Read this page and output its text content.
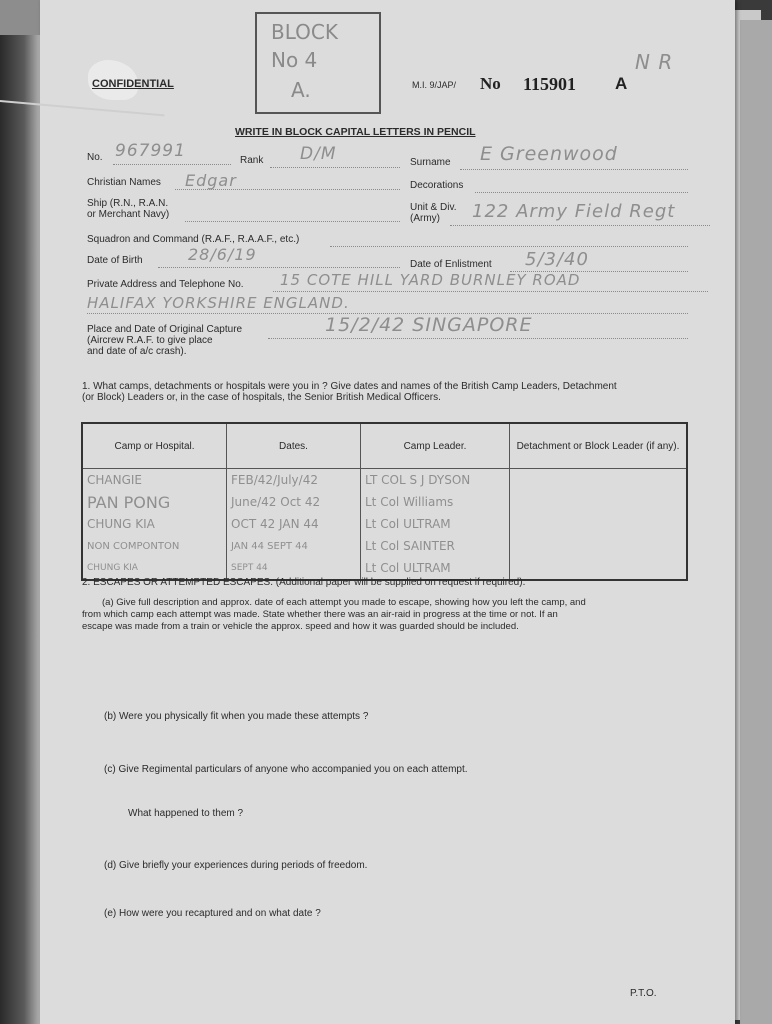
CONFIDENTIAL
BLOCK
No 4
A.	M.I. 9/JAP/ No 115901 A
N R
WRITE IN BLOCK CAPITAL LETTERS IN PENCIL
No. 967991	Rank D/M	Surname E Greenwood
Christian Names Edgar	Decorations
Ship (R.N., R.A.N.
or Merchant Navy)
Unit & Div.
(Army) 122 Army Field Regt
Squadron and Command (R.A.F., R.A.A.F., etc.)
Date of Birth	28/6/19
Date of Enlistment 5/3/40
Private Address and Telephone No. 15 COTE HILL YARD BURNLEY ROAD
HALIFAX YORKSHIRE ENGLAND.
Place and Date of Original Capture
(Aircrew R.A.F. to give place
and date of a/c crash).
15/2/42 SINGAPORE
1. What camps, detachments or hospitals were you in ? Give dates and names of the British Camp Leaders, Detachment
(or Block) Leaders or, in the case of hospitals, the Senior British Medical Officers.
Camp or Hospital.	Dates.	Camp Leader.	Detachment or Block Leader (if any).
CHANGIE	FEB/42/July/42	LT COL S J DYSON	
PAN PONG	June/42 Oct 42	Lt Col Williams	
CHUNG KIA	OCT 42 JAN 44	Lt Col ULTRAM	
NON COMPONTON	JAN 44 SEPT 44	Lt Col SAINTER	
CHUNG KIA	SEPT 44	Lt Col ULTRAM	
2. ESCAPES OR ATTEMPTED ESCAPES. (Additional paper will be supplied on request if required).
(a) Give full description and approx. date of each attempt you made to escape, showing how you left the camp, and
from which camp each attempt was made. State whether there was an air-raid in progress at the time or not. If an
escape was made from a train or vehicle the approx. speed and how it was guarded should be included.
(b) Were you physically fit when you made these attempts ?
(c) Give Regimental particulars of anyone who accompanied you on each attempt.
What happened to them ?
(d) Give briefly your experiences during periods of freedom.
(e) How were you recaptured and on what date ?
P.T.O.
